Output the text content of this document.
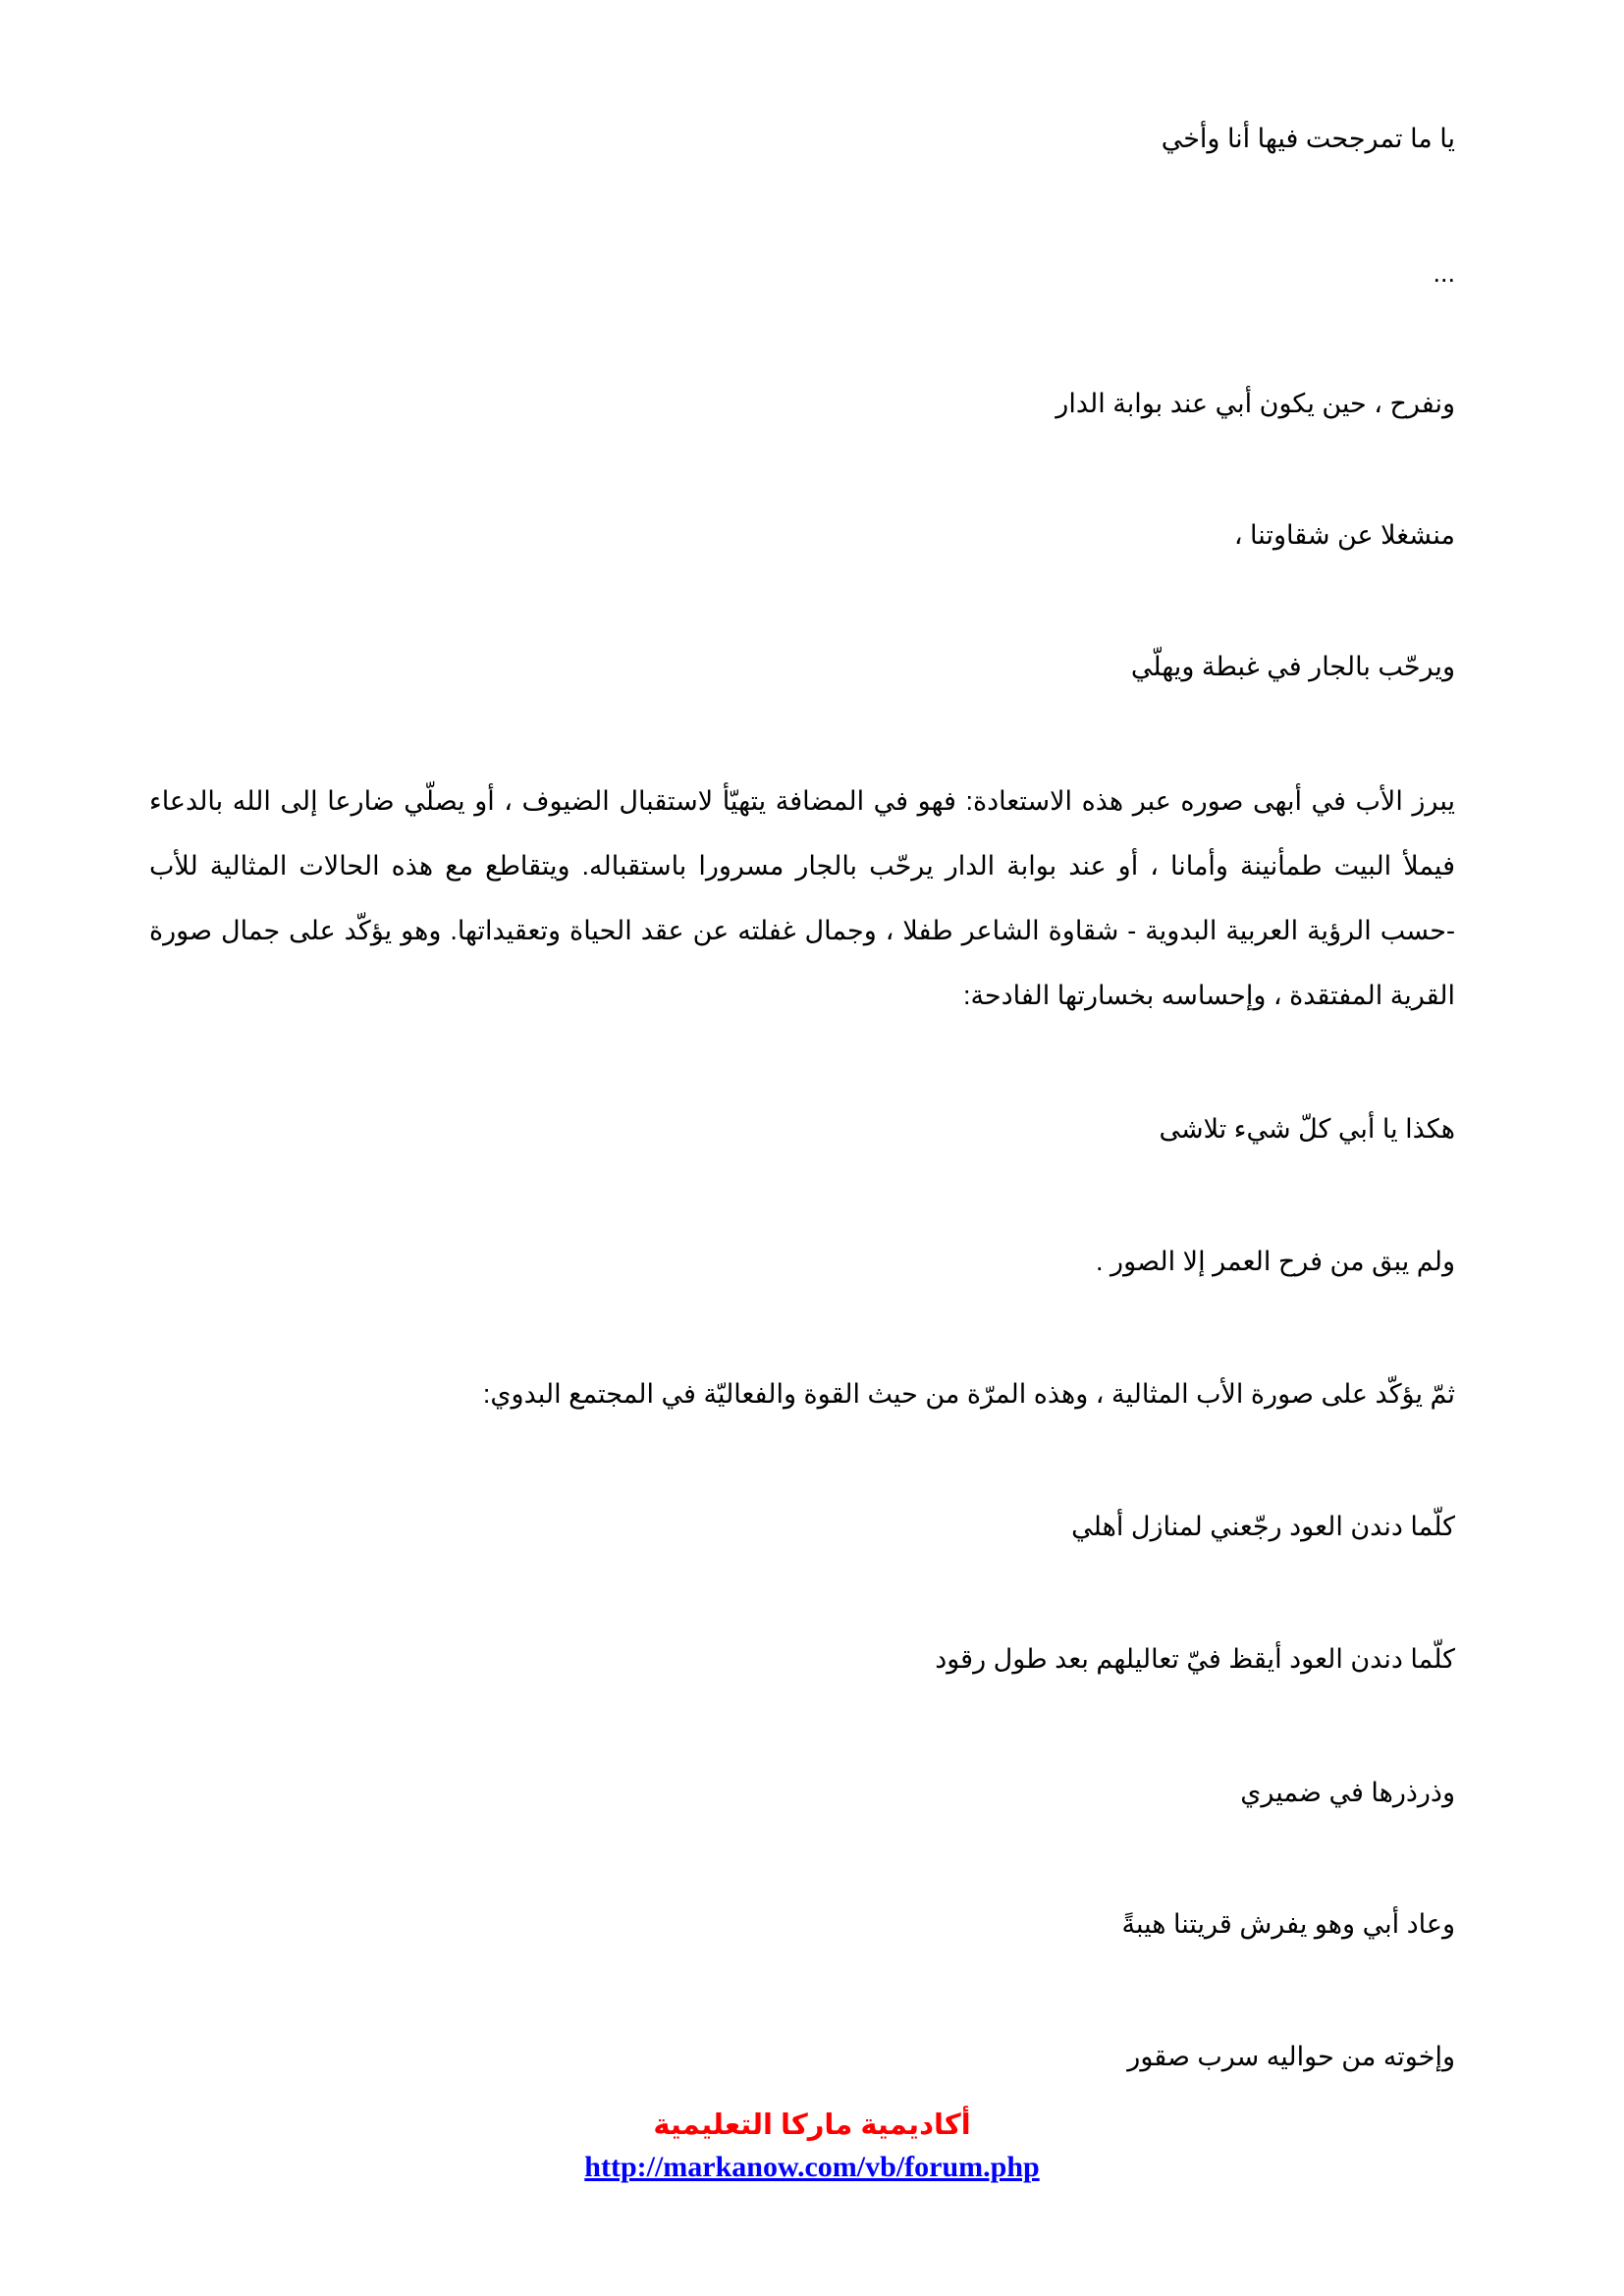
يا ما تمرجحت فيها أنا وأخي
...
ونفرح ، حين يكون أبي عند بوابة الدار
منشغلا عن شقاوتنا ،
ويرحّب بالجار في غبطة ويهلّي
يبرز الأب في أبهى صوره عبر هذه الاستعادة: فهو في المضافة يتهيّأ لاستقبال الضيوف ، أو يصلّي ضارعا إلى الله بالدعاء فيملأ البيت طمأنينة وأمانا ، أو عند بوابة الدار يرحّب بالجار مسرورا باستقباله. ويتقاطع مع هذه الحالات المثالية للأب -حسب الرؤية العربية البدوية - شقاوة الشاعر طفلا ، وجمال غفلته عن عقد الحياة وتعقيداتها. وهو يؤكّد على جمال صورة القرية المفتقدة ، وإحساسه بخسارتها الفادحة:
هكذا يا أبي كلّ شيء تلاشى
ولم يبق من فرح العمر إلا الصور .
ثمّ يؤكّد على صورة الأب المثالية ، وهذه المرّة من حيث القوة والفعاليّة في المجتمع البدوي:
كلّما دندن العود رجّعني لمنازل أهلي
كلّما دندن العود أيقظ فيّ تعاليلهم بعد طول رقود
وذرذرها في ضميري
وعاد أبي وهو يفرش قريتنا هيبةً
وإخوته من حواليه سرب صقور
أكاديمية ماركا التعليمية
http://markanow.com/vb/forum.php
